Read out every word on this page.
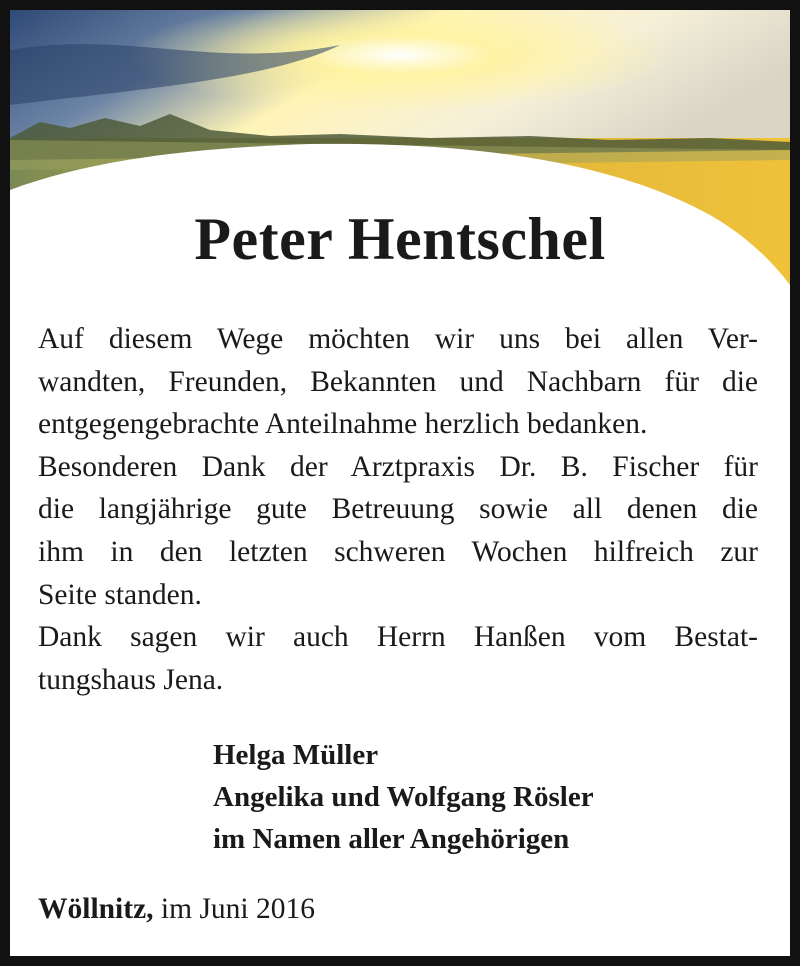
Peter Hentschel
Auf diesem Wege möchten wir uns bei allen Ver-
wandten, Freunden, Bekannten und Nachbarn für die
entgegengebrachte Anteilnahme herzlich bedanken.
Besonderen Dank der Arztpraxis Dr. B. Fischer für
die langjährige gute Betreuung sowie all denen die
ihm in den letzten schweren Wochen hilfreich zur
Seite standen.
Dank sagen wir auch Herrn Hanßen vom Bestat-
tungshaus Jena.
Helga Müller
Angelika und Wolfgang Rösler
im Namen aller Angehörigen
Wöllnitz, im Juni 2016
